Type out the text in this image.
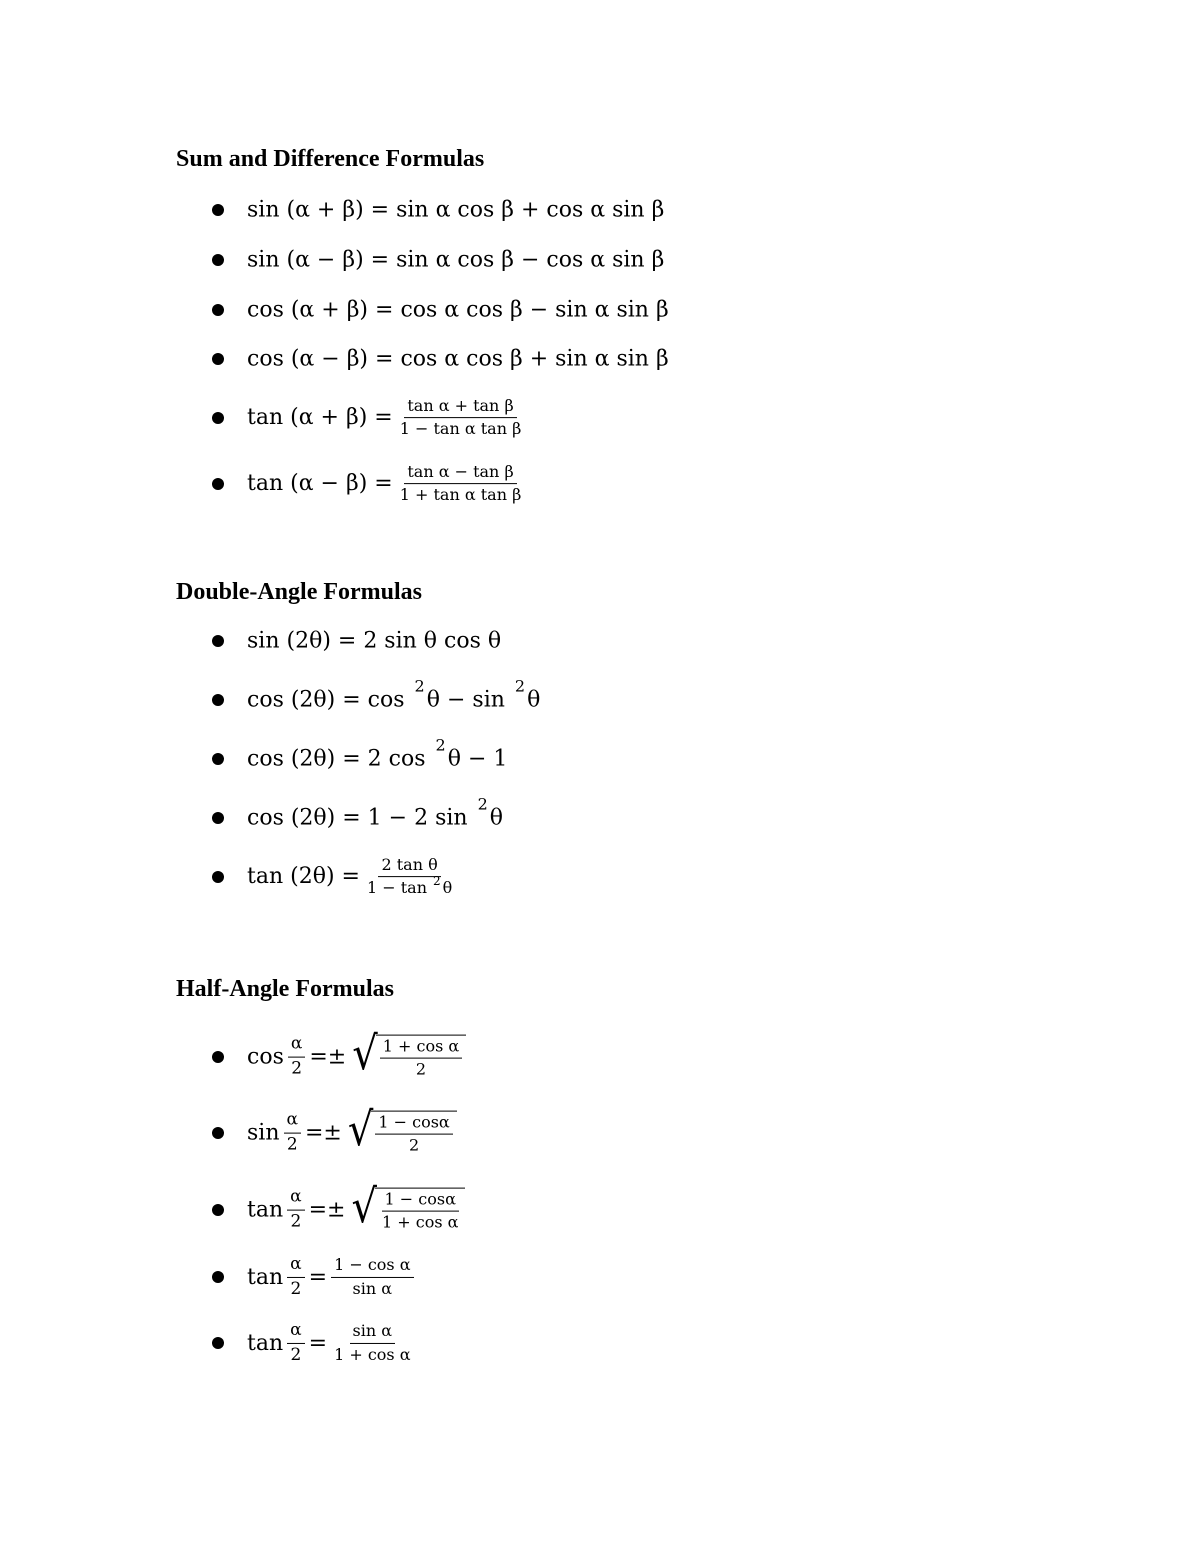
Sum and Difference Formulas
sin (α + β) = sin α cos β + cos α sin β
sin (α − β) = sin α cos β − cos α sin β
cos (α + β) = cos α cos β − sin α sin β
cos (α − β) = cos α cos β + sin α sin β
$\tan (\alpha + \beta) = \frac{\text{tan α + tan β}}{\text{1 − tan α tan β}}$
$\tan (\alpha - \beta) = \frac{\text{tan α − tan β}}{\text{1 + tan α tan β}}$
Double-Angle Formulas
sin (2θ) = 2 sin θ cos θ
cos (2θ) = cos
2
θ − sin
2
θ
cos (2θ) = 2 cos
2
θ − 1
cos (2θ) = 1 − 2 sin
2
θ
$\tan (2\theta) = \frac{\text{2 tan θ}}{1 - \tan ^2 \theta}$
Half-Angle Formulas
$\cos \frac{\alpha}{2}$ =± √ $\frac{\text{1 + cos α}}{2}$
$\sin \frac{\alpha}{2}$ =± √ $\frac{1 - \cos\alpha}{2}$
$\tan \frac{\alpha}{2}$ =± √ $\frac{1 - \cos\alpha}{\text{1 + cos α}}$
$\tan \frac{\alpha}{2} = \frac{\text{1 − cos α}}{\text{sin α}}$
$\tan \frac{\alpha}{2} = \frac{\text{sin α}}{\text{1 + cos α}}$
